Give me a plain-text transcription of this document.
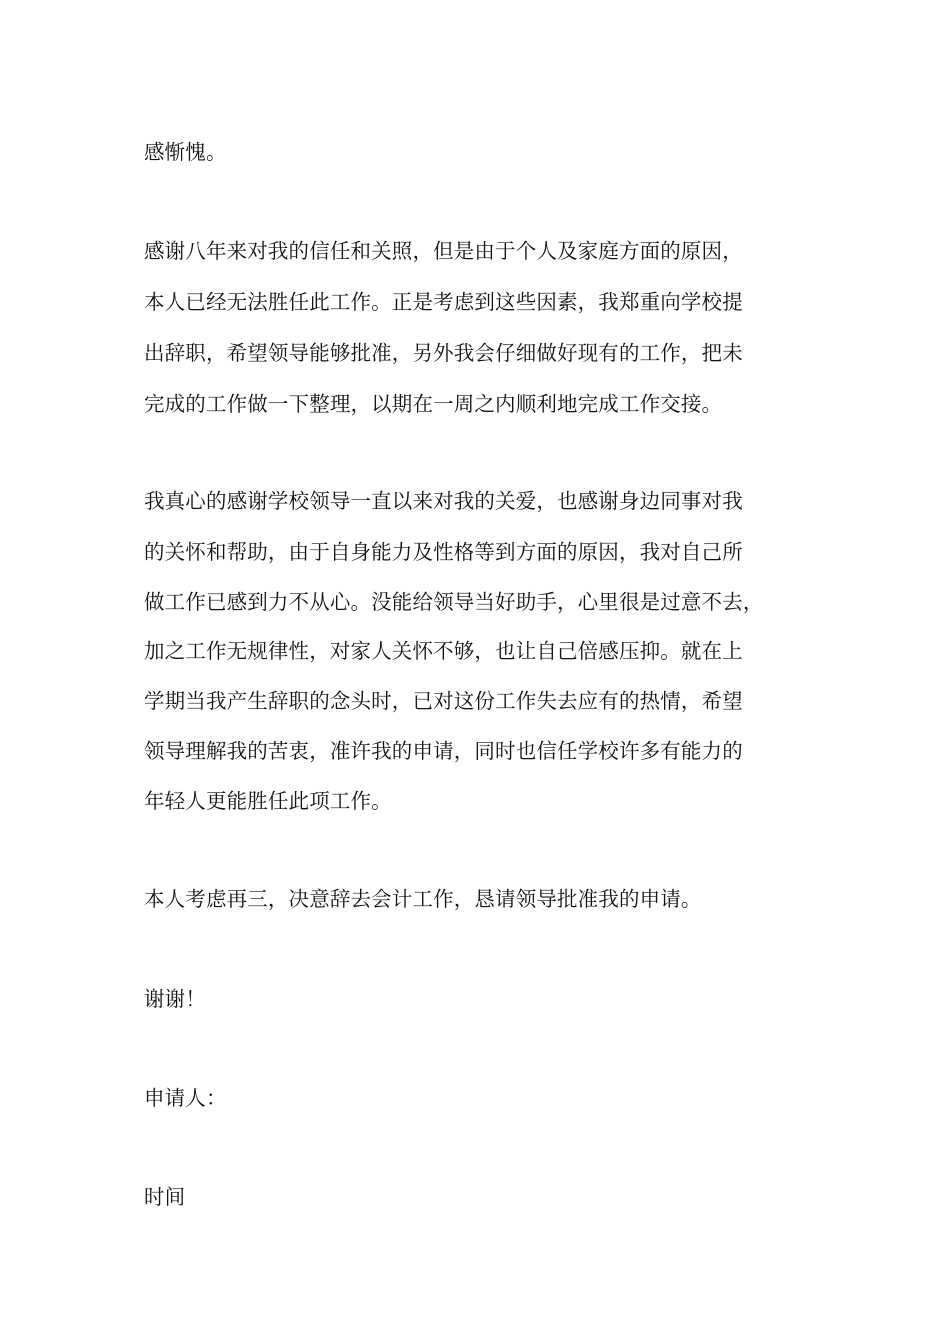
感惭愧。

感谢八年来对我的信任和关照，但是由于个人及家庭方面的原因，

本人已经无法胜任此工作。正是考虑到这些因素，我郑重向学校提

出辞职，希望领导能够批准，另外我会仔细做好现有的工作，把未

完成的工作做一下整理，以期在一周之内顺利地完成工作交接。

我真心的感谢学校领导一直以来对我的关爱，也感谢身边同事对我

的关怀和帮助，由于自身能力及性格等到方面的原因，我对自己所

做工作已感到力不从心。没能给领导当好助手，心里很是过意不去，

加之工作无规律性，对家人关怀不够，也让自己倍感压抑。就在上

学期当我产生辞职的念头时，已对这份工作失去应有的热情，希望

领导理解我的苦衷，准许我的申请，同时也信任学校许多有能力的

年轻人更能胜任此项工作。

本人考虑再三，决意辞去会计工作，恳请领导批准我的申请。

谢谢！

申请人：

时间
